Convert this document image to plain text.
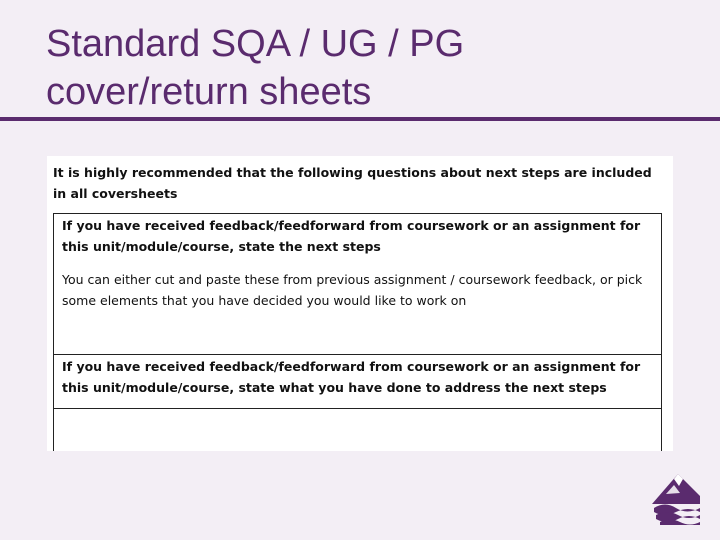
Standard SQA / UG / PG
cover/return sheets

It is highly recommended that the following questions about next steps are included in all coversheets

If you have received feedback/feedforward from coursework or an assignment for this unit/module/course, state the next steps

You can either cut and paste these from previous assignment / coursework feedback, or pick some elements that you have decided you would like to work on

If you have received feedback/feedforward from coursework or an assignment for this unit/module/course, state what you have done to address the next steps
